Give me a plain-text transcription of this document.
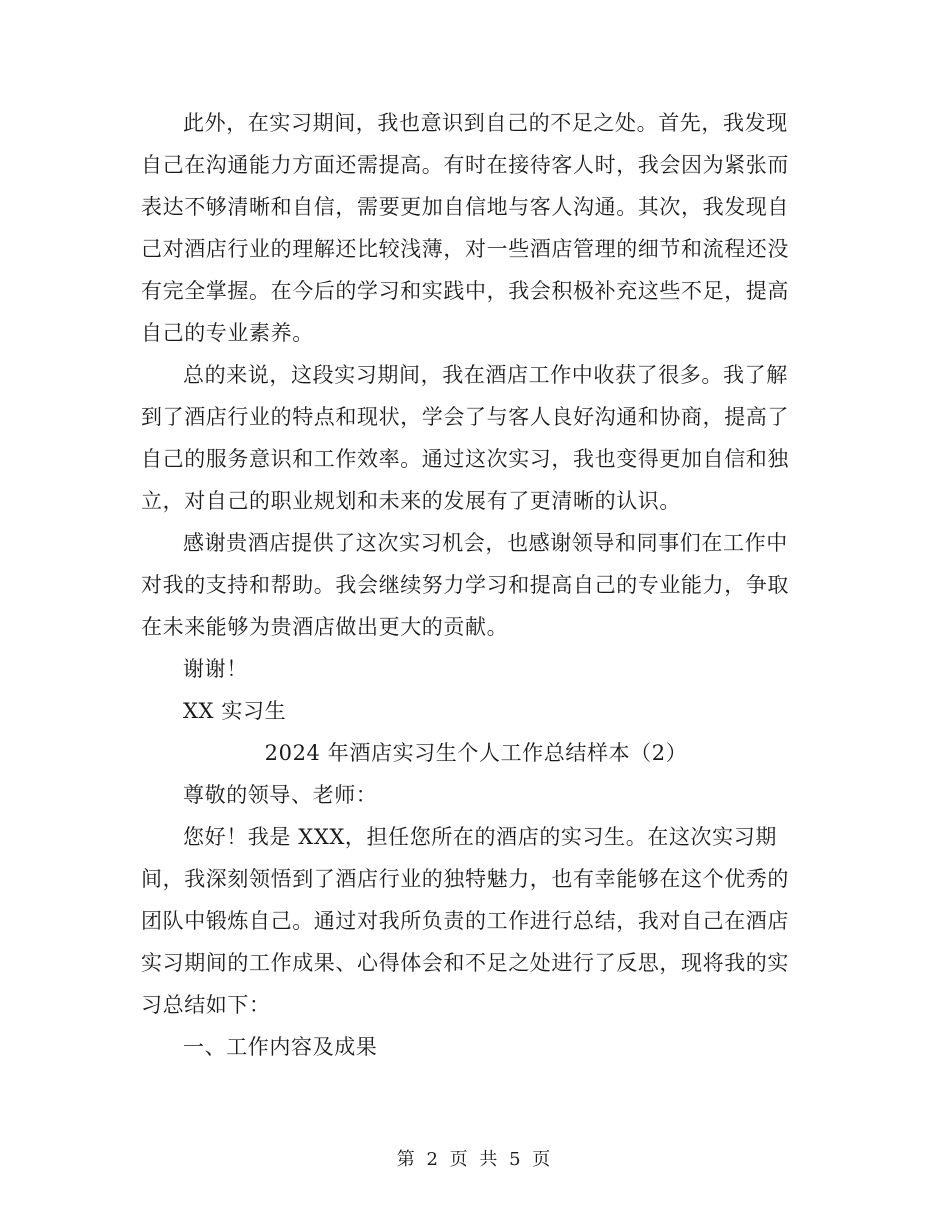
此外，在实习期间，我也意识到自己的不足之处。首先，我发现
自己在沟通能力方面还需提高。有时在接待客人时，我会因为紧张而
表达不够清晰和自信，需要更加自信地与客人沟通。其次，我发现自
己对酒店行业的理解还比较浅薄，对一些酒店管理的细节和流程还没
有完全掌握。在今后的学习和实践中，我会积极补充这些不足，提高
自己的专业素养。

总的来说，这段实习期间，我在酒店工作中收获了很多。我了解
到了酒店行业的特点和现状，学会了与客人良好沟通和协商，提高了
自己的服务意识和工作效率。通过这次实习，我也变得更加自信和独
立，对自己的职业规划和未来的发展有了更清晰的认识。

感谢贵酒店提供了这次实习机会，也感谢领导和同事们在工作中
对我的支持和帮助。我会继续努力学习和提高自己的专业能力，争取
在未来能够为贵酒店做出更大的贡献。

谢谢！

XX 实习生

2024 年酒店实习生个人工作总结样本（2）

尊敬的领导、老师：

您好！我是 XXX，担任您所在的酒店的实习生。在这次实习期
间，我深刻领悟到了酒店行业的独特魅力，也有幸能够在这个优秀的
团队中锻炼自己。通过对我所负责的工作进行总结，我对自己在酒店
实习期间的工作成果、心得体会和不足之处进行了反思，现将我的实
习总结如下：

一、工作内容及成果

第 2 页 共 5 页
